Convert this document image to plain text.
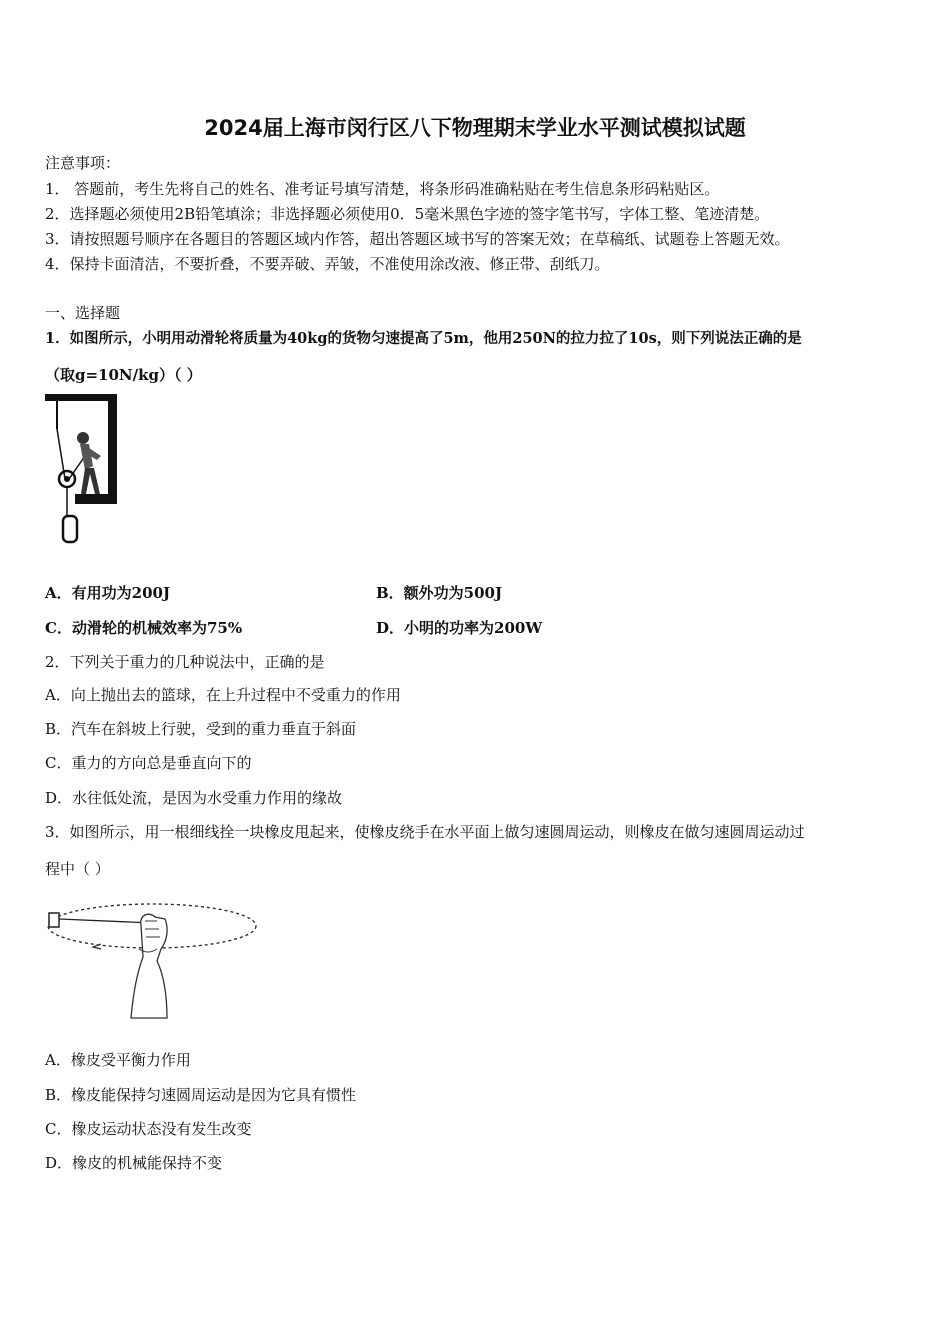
2024届上海市闵行区八下物理期末学业水平测试模拟试题
注意事项：
1． 答题前，考生先将自己的姓名、准考证号填写清楚，将条形码准确粘贴在考生信息条形码粘贴区。
2．选择题必须使用2B铅笔填涂；非选择题必须使用0．5毫米黑色字迹的签字笔书写，字体工整、笔迹清楚。
3．请按照题号顺序在各题目的答题区域内作答，超出答题区域书写的答案无效；在草稿纸、试题卷上答题无效。
4．保持卡面清洁，不要折叠，不要弄破、弄皱，不准使用涂改液、修正带、刮纸刀。
一、选择题
1．如图所示，小明用动滑轮将质量为40kg的货物匀速提高了5m，他用250N的拉力拉了10s，则下列说法正确的是
（取g=10N/kg）（ ）
A．有用功为200J	B．额外功为500J
C．动滑轮的机械效率为75%	D．小明的功率为200W
2．下列关于重力的几种说法中，正确的是
A．向上抛出去的篮球，在上升过程中不受重力的作用
B．汽车在斜坡上行驶，受到的重力垂直于斜面
C．重力的方向总是垂直向下的
D．水往低处流，是因为水受重力作用的缘故
3．如图所示，用一根细线拴一块橡皮甩起来，使橡皮绕手在水平面上做匀速圆周运动，则橡皮在做匀速圆周运动过
程中（ ）
A．橡皮受平衡力作用
B．橡皮能保持匀速圆周运动是因为它具有惯性
C．橡皮运动状态没有发生改变
D．橡皮的机械能保持不变
